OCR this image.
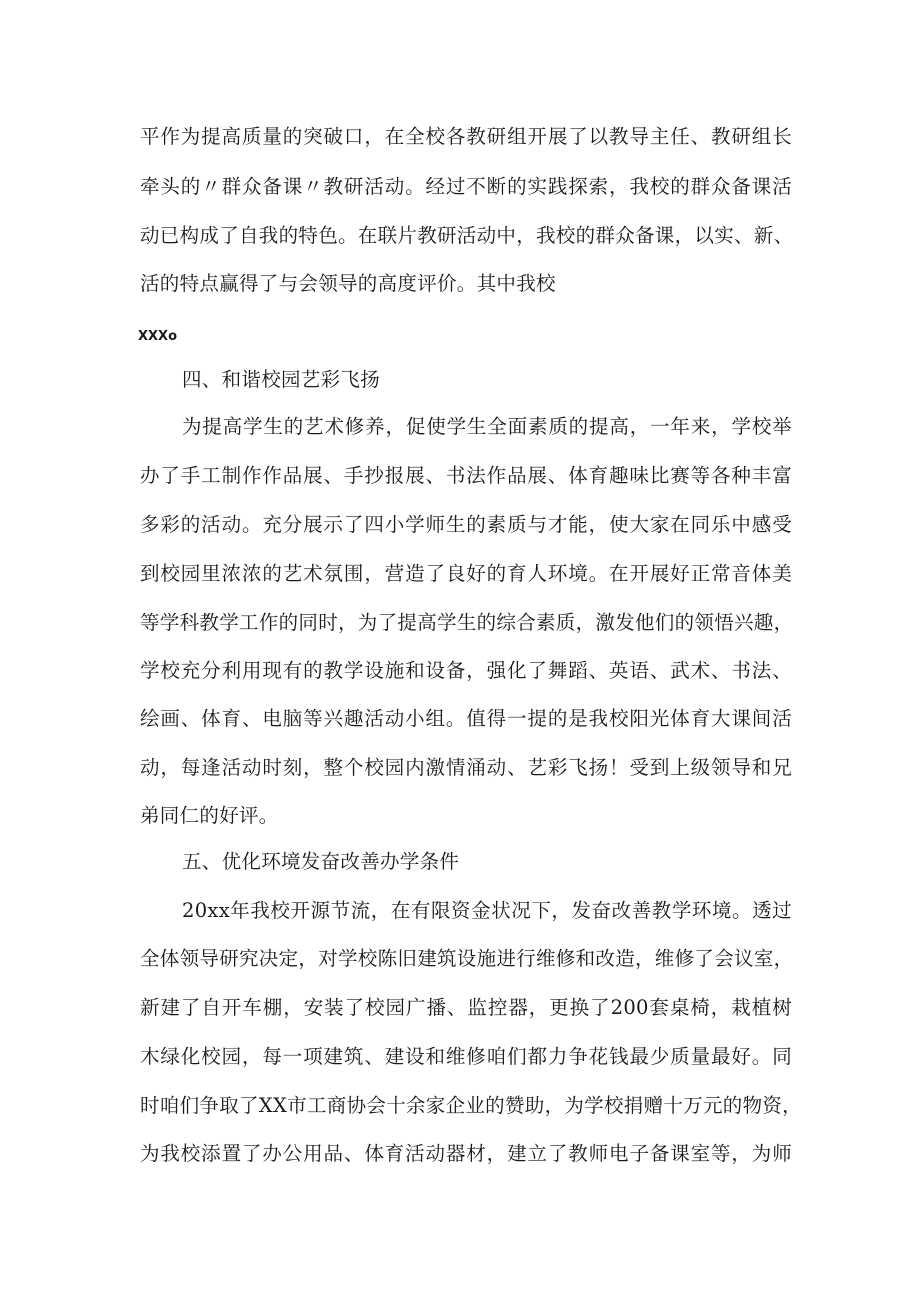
平作为提高质量的突破口，在全校各教研组开展了以教导主任、教研组长
牵头的〃群众备课〃教研活动。经过不断的实践探索，我校的群众备课活
动已构成了自我的特色。在联片教研活动中，我校的群众备课，以实、新、
活的特点赢得了与会领导的高度评价。其中我校
XXXo
四、和谐校园艺彩飞扬
为提高学生的艺术修养，促使学生全面素质的提高，一年来，学校举
办了手工制作作品展、手抄报展、书法作品展、体育趣味比赛等各种丰富
多彩的活动。充分展示了四小学师生的素质与才能，使大家在同乐中感受
到校园里浓浓的艺术氛围，营造了良好的育人环境。在开展好正常音体美
等学科教学工作的同时，为了提高学生的综合素质，激发他们的领悟兴趣，
学校充分利用现有的教学设施和设备，强化了舞蹈、英语、武术、书法、
绘画、体育、电脑等兴趣活动小组。值得一提的是我校阳光体育大课间活
动，每逢活动时刻，整个校园内激情涌动、艺彩飞扬！受到上级领导和兄
弟同仁的好评。
五、优化环境发奋改善办学条件
20xx年我校开源节流，在有限资金状况下，发奋改善教学环境。透过
全体领导研究决定，对学校陈旧建筑设施进行维修和改造，维修了会议室，
新建了自开车棚，安装了校园广播、监控器，更换了200套桌椅，栽植树
木绿化校园，每一项建筑、建设和维修咱们都力争花钱最少质量最好。同
时咱们争取了XX市工商协会十余家企业的赞助，为学校捐赠十万元的物资，
为我校添置了办公用品、体育活动器材，建立了教师电子备课室等，为师
